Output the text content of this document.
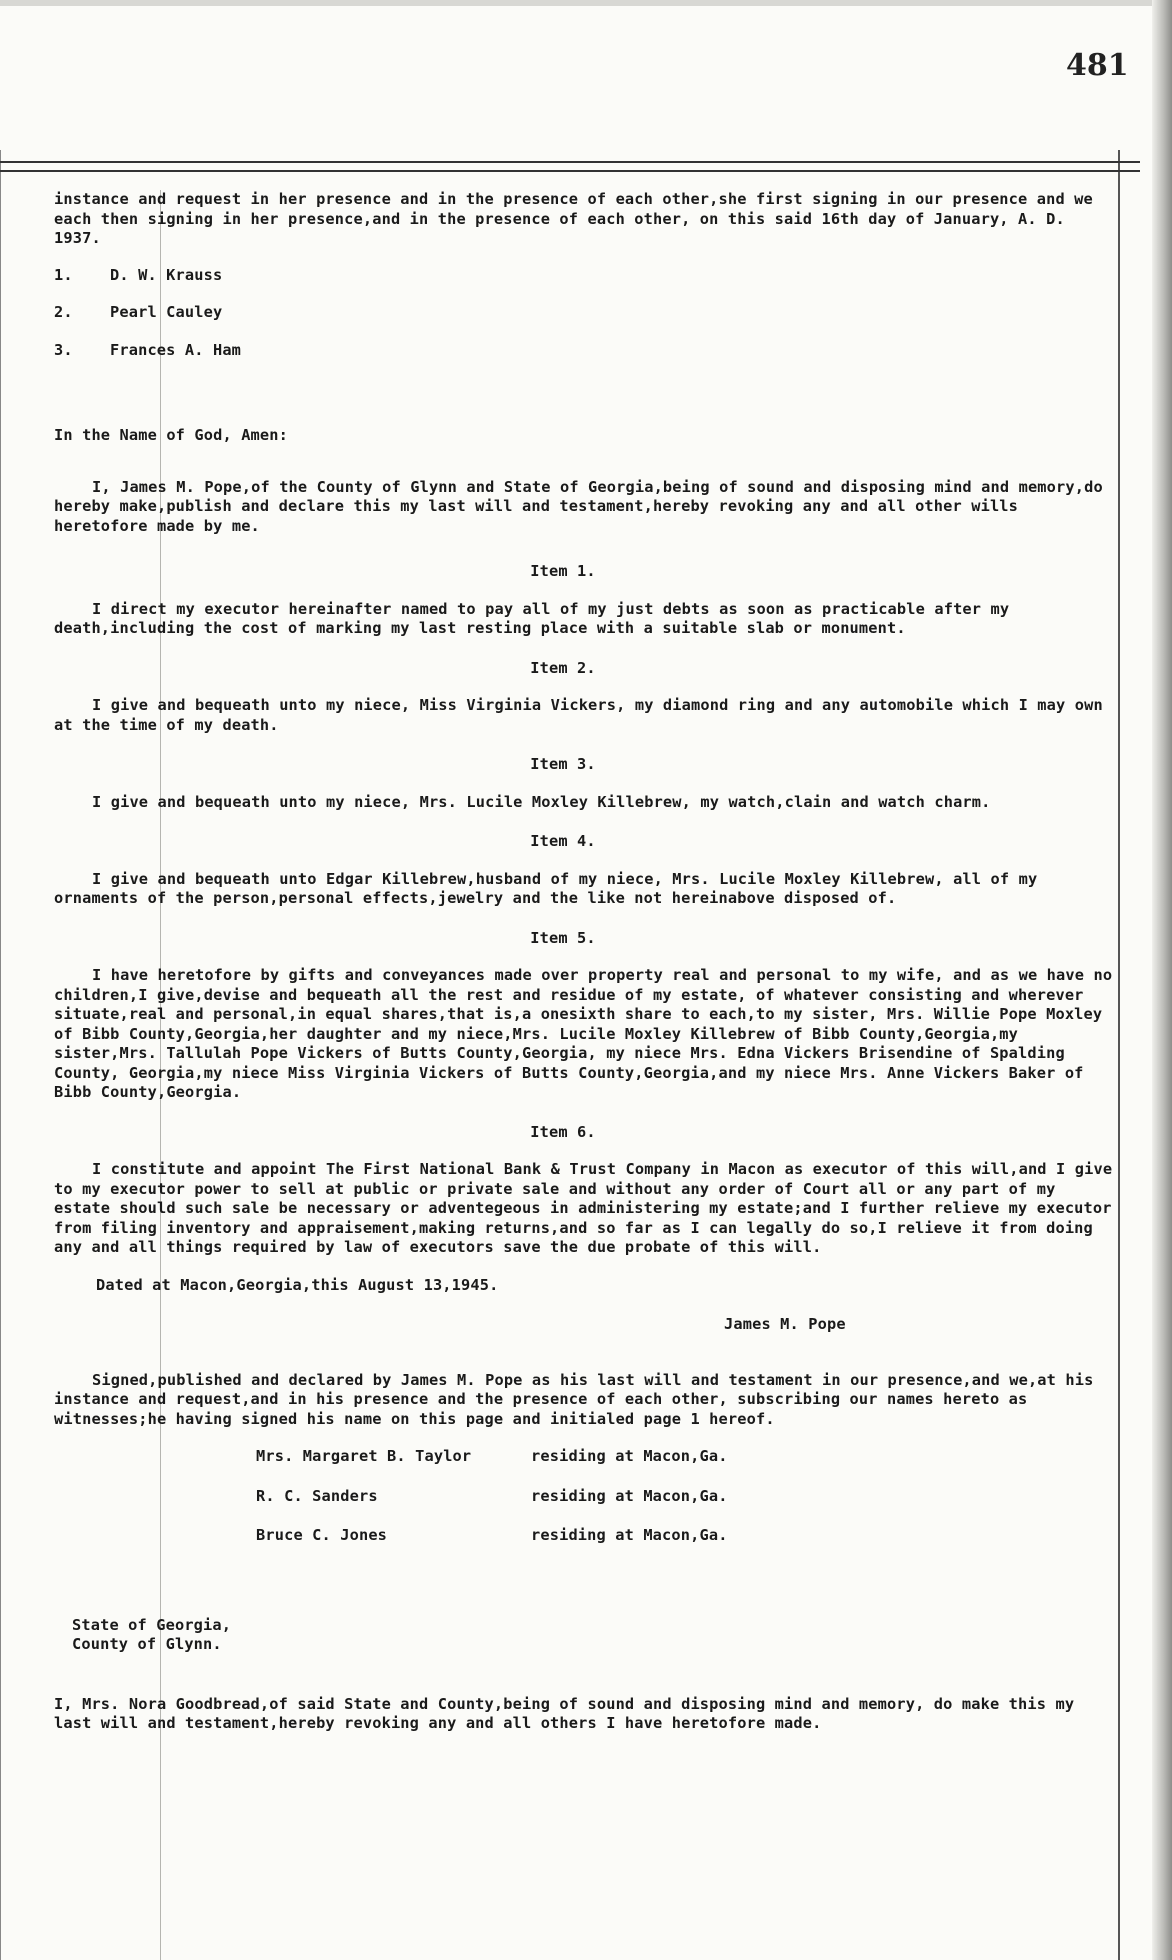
481

instance and request in her presence and in the presence of each other,she first signing in our presence and we each then signing in her presence,and in the presence of each other, on this said 16th day of January, A. D. 1937.

1. D. W. Krauss
2. Pearl Cauley
3. Frances A. Ham

In the Name of God, Amen:

I, James M. Pope,of the County of Glynn and State of Georgia,being of sound and disposing mind and memory,do hereby make,publish and declare this my last will and testament,hereby revoking any and all other wills heretofore made by me.

Item 1.

I direct my executor hereinafter named to pay all of my just debts as soon as practicable after my death,including the cost of marking my last resting place with a suitable slab or monument.

Item 2.

I give and bequeath unto my niece, Miss Virginia Vickers, my diamond ring and any automobile which I may own at the time of my death.

Item 3.

I give and bequeath unto my niece, Mrs. Lucile Moxley Killebrew, my watch,clain and watch charm.

Item 4.

I give and bequeath unto Edgar Killebrew,husband of my niece, Mrs. Lucile Moxley Killebrew, all of my ornaments of the person,personal effects,jewelry and the like not hereinabove disposed of.

Item 5.

I have heretofore by gifts and conveyances made over property real and personal to my wife, and as we have no children,I give,devise and bequeath all the rest and residue of my estate, of whatever consisting and wherever situate,real and personal,in equal shares,that is,a onesixth share to each,to my sister, Mrs. Willie Pope Moxley of Bibb County,Georgia,her daughter and my niece,Mrs. Lucile Moxley Killebrew of Bibb County,Georgia,my sister,Mrs. Tallulah Pope Vickers of Butts County,Georgia, my niece Mrs. Edna Vickers Brisendine of Spalding County, Georgia,my niece Miss Virginia Vickers of Butts County,Georgia,and my niece Mrs. Anne Vickers Baker of Bibb County,Georgia.

Item 6.

I constitute and appoint The First National Bank & Trust Company in Macon as executor of this will,and I give to my executor power to sell at public or private sale and without any order of Court all or any part of my estate should such sale be necessary or adventegeous in administering my estate;and I further relieve my executor from filing inventory and appraisement,making returns,and so far as I can legally do so,I relieve it from doing any and all things required by law of executors save the due probate of this will.

Dated at Macon,Georgia,this August 13,1945.

James M. Pope

Signed,published and declared by James M. Pope as his last will and testament in our presence,and we,at his instance and request,and in his presence and the presence of each other, subscribing our names hereto as witnesses;he having signed his name on this page and initialed page 1 hereof.

Mrs. Margaret B. Taylor	residing at Macon,Ga.
R. C. Sanders	residing at Macon,Ga.
Bruce C. Jones	residing at Macon,Ga.

State of Georgia,

County of Glynn.

I, Mrs. Nora Goodbread,of said State and County,being of sound and disposing mind and memory, do make this my last will and testament,hereby revoking any and all others I have heretofore made.
